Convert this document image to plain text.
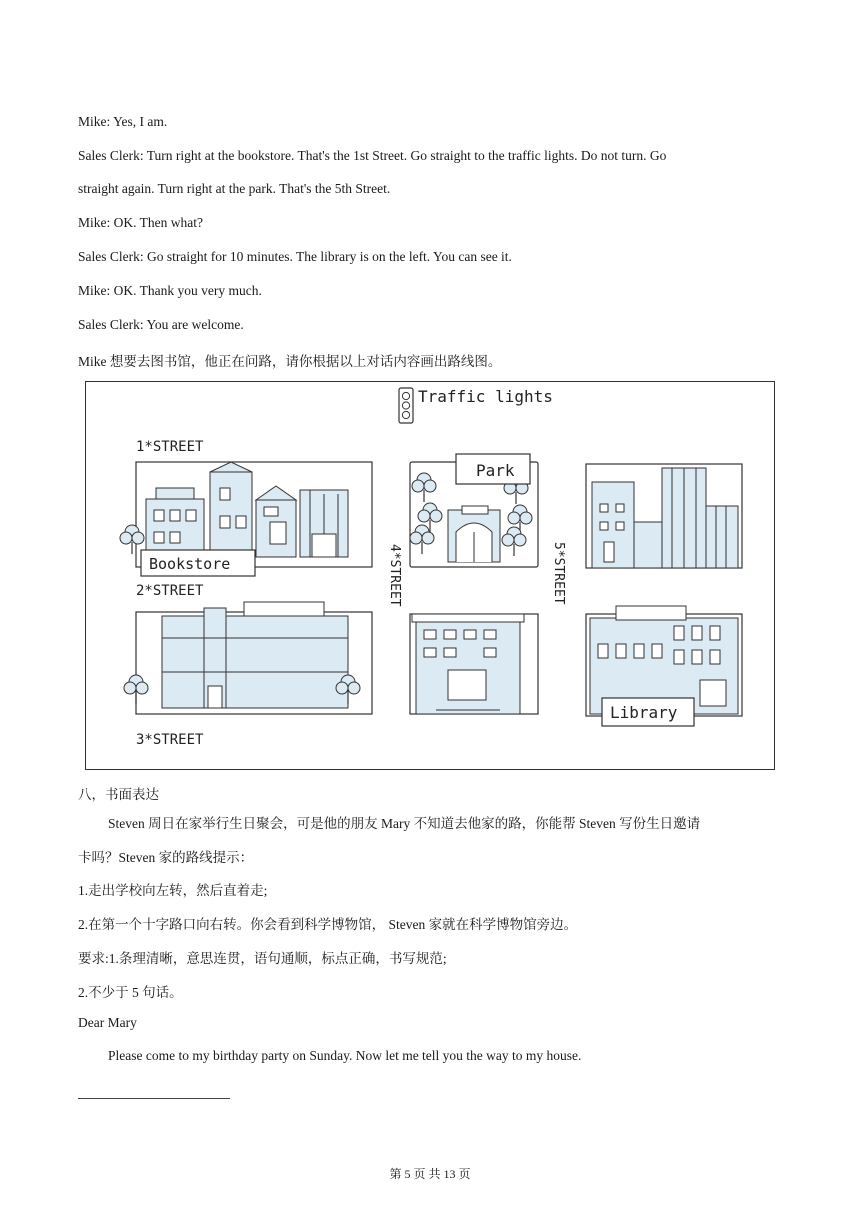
Mike: Yes, I am.
Sales Clerk: Turn right at the bookstore. That's the 1st Street. Go straight to the traffic lights. Do not turn. Go
straight again. Turn right at the park. That's the 5th Street.
Mike: OK. Then what?
Sales Clerk: Go straight for 10 minutes. The library is on the left. You can see it.
Mike: OK. Thank you very much.
Sales Clerk: You are welcome.
Mike 想要去图书馆，他正在问路，请你根据以上对话内容画出路线图。
Traffic lights
1*STREET
2*STREET
3*STREET
4*STREET	5*STREET
Bookstore
Park
Library
八，书面表达
Steven 周日在家举行生日聚会，可是他的朋友 Mary 不知道去他家的路，你能帮 Steven 写份生日邀请
卡吗？Steven 家的路线提示：
1.走出学校向左转，然后直着走;
2.在第一个十字路口向右转。你会看到科学博物馆， Steven 家就在科学博物馆旁边。
要求:1.条理清晰，意思连贯，语句通顺，标点正确，书写规范;
2.不少于 5 句话。
Dear Mary
Please come to my birthday party on Sunday. Now let me tell you the way to my house.
第 5 页 共 13 页
